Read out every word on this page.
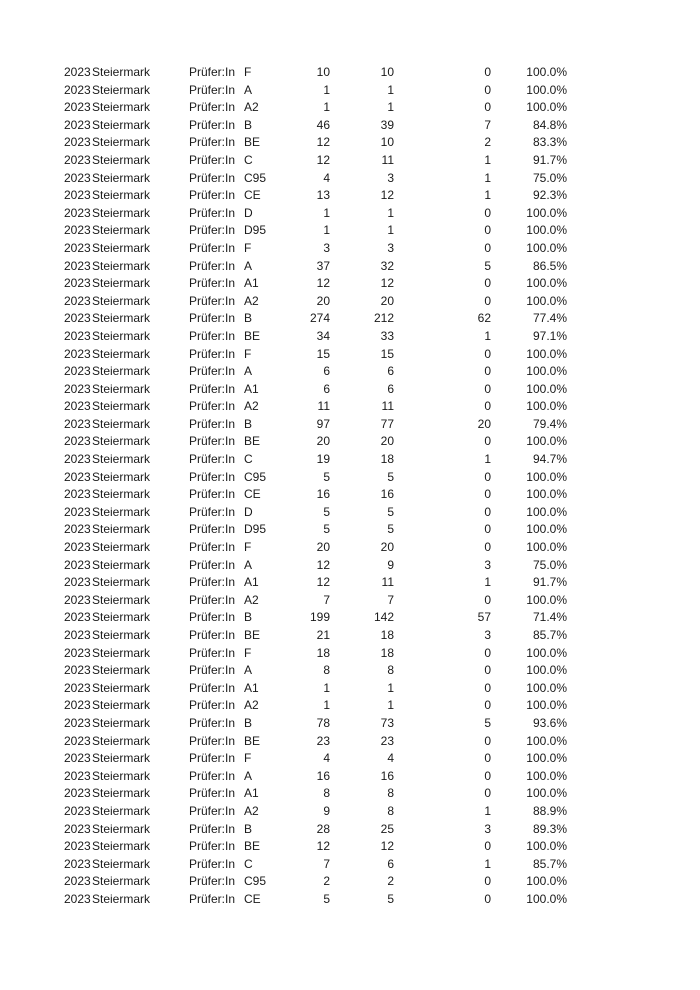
2023 Steiermark	Prüfer:In F	10	10	0	100.0%
2023 Steiermark	Prüfer:In A	1	1	0	100.0%
2023 Steiermark	Prüfer:In A2	1	1	0	100.0%
2023 Steiermark	Prüfer:In B	46	39	7	84.8%
2023 Steiermark	Prüfer:In BE	12	10	2	83.3%
2023 Steiermark	Prüfer:In C	12	11	1	91.7%
2023 Steiermark	Prüfer:In C95	4	3	1	75.0%
2023 Steiermark	Prüfer:In CE	13	12	1	92.3%
2023 Steiermark	Prüfer:In D	1	1	0	100.0%
2023 Steiermark	Prüfer:In D95	1	1	0	100.0%
2023 Steiermark	Prüfer:In F	3	3	0	100.0%
2023 Steiermark	Prüfer:In A	37	32	5	86.5%
2023 Steiermark	Prüfer:In A1	12	12	0	100.0%
2023 Steiermark	Prüfer:In A2	20	20	0	100.0%
2023 Steiermark	Prüfer:In B	274	212	62	77.4%
2023 Steiermark	Prüfer:In BE	34	33	1	97.1%
2023 Steiermark	Prüfer:In F	15	15	0	100.0%
2023 Steiermark	Prüfer:In A	6	6	0	100.0%
2023 Steiermark	Prüfer:In A1	6	6	0	100.0%
2023 Steiermark	Prüfer:In A2	11	11	0	100.0%
2023 Steiermark	Prüfer:In B	97	77	20	79.4%
2023 Steiermark	Prüfer:In BE	20	20	0	100.0%
2023 Steiermark	Prüfer:In C	19	18	1	94.7%
2023 Steiermark	Prüfer:In C95	5	5	0	100.0%
2023 Steiermark	Prüfer:In CE	16	16	0	100.0%
2023 Steiermark	Prüfer:In D	5	5	0	100.0%
2023 Steiermark	Prüfer:In D95	5	5	0	100.0%
2023 Steiermark	Prüfer:In F	20	20	0	100.0%
2023 Steiermark	Prüfer:In A	12	9	3	75.0%
2023 Steiermark	Prüfer:In A1	12	11	1	91.7%
2023 Steiermark	Prüfer:In A2	7	7	0	100.0%
2023 Steiermark	Prüfer:In B	199	142	57	71.4%
2023 Steiermark	Prüfer:In BE	21	18	3	85.7%
2023 Steiermark	Prüfer:In F	18	18	0	100.0%
2023 Steiermark	Prüfer:In A	8	8	0	100.0%
2023 Steiermark	Prüfer:In A1	1	1	0	100.0%
2023 Steiermark	Prüfer:In A2	1	1	0	100.0%
2023 Steiermark	Prüfer:In B	78	73	5	93.6%
2023 Steiermark	Prüfer:In BE	23	23	0	100.0%
2023 Steiermark	Prüfer:In F	4	4	0	100.0%
2023 Steiermark	Prüfer:In A	16	16	0	100.0%
2023 Steiermark	Prüfer:In A1	8	8	0	100.0%
2023 Steiermark	Prüfer:In A2	9	8	1	88.9%
2023 Steiermark	Prüfer:In B	28	25	3	89.3%
2023 Steiermark	Prüfer:In BE	12	12	0	100.0%
2023 Steiermark	Prüfer:In C	7	6	1	85.7%
2023 Steiermark	Prüfer:In C95	2	2	0	100.0%
2023 Steiermark	Prüfer:In CE	5	5	0	100.0%
